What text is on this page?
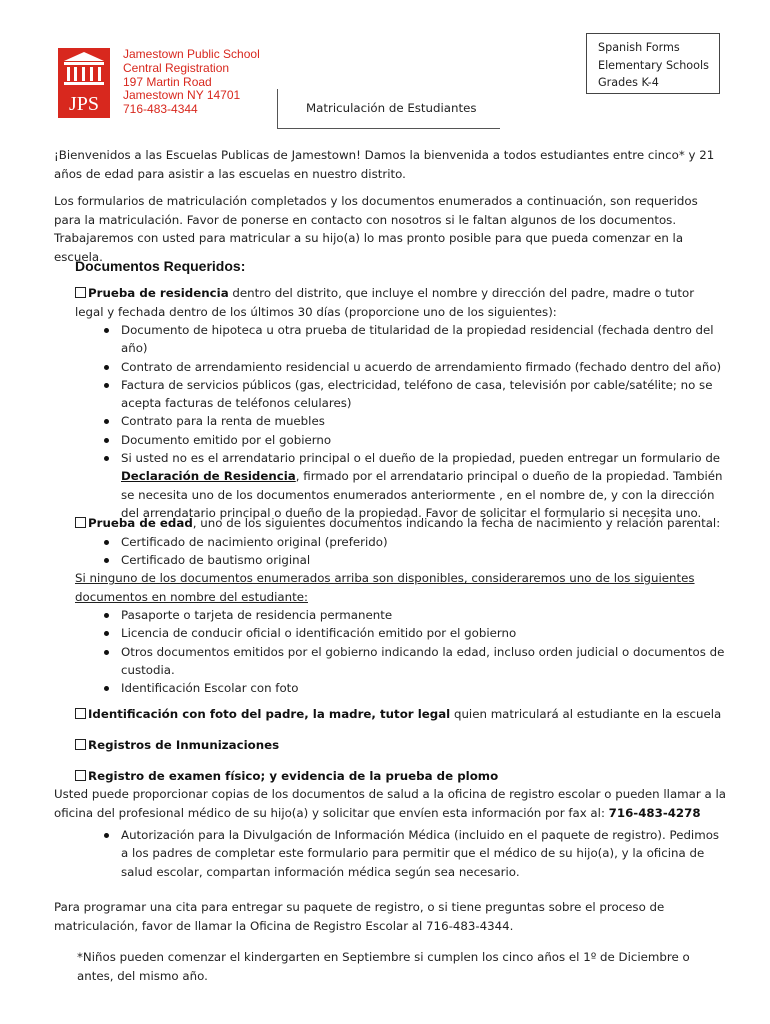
JPS
Jamestown Public School
Central Registration
197 Martin Road
Jamestown NY 14701
716-483-4344
Spanish Forms
Elementary Schools
Grades K-4
Matriculación de Estudiantes
¡Bienvenidos a las Escuelas Publicas de Jamestown! Damos la bienvenida a todos estudiantes entre cinco* y 21 años de edad para asistir a las escuelas en nuestro distrito.
Los formularios de matriculación completados y los documentos enumerados a continuación, son requeridos para la matriculación. Favor de ponerse en contacto con nosotros si le faltan algunos de los documentos. Trabajaremos con usted para matricular a su hijo(a) lo mas pronto posible para que pueda comenzar en la escuela.
Documentos Requeridos:
Prueba de residencia dentro del distrito, que incluye el nombre y dirección del padre, madre o tutor legal y fechada dentro de los últimos 30 días (proporcione uno de los siguientes):
Documento de hipoteca u otra prueba de titularidad de la propiedad residencial (fechada dentro del año)
Contrato de arrendamiento residencial u acuerdo de arrendamiento firmado (fechado dentro del año)
Factura de servicios públicos (gas, electricidad, teléfono de casa, televisión por cable/satélite; no se acepta facturas de teléfonos celulares)
Contrato para la renta de muebles
Documento emitido por el gobierno
Si usted no es el arrendatario principal o el dueño de la propiedad, pueden entregar un formulario de Declaración de Residencia, firmado por el arrendatario principal o dueño de la propiedad. También se necesita uno de los documentos enumerados anteriormente , en el nombre de, y con la dirección del arrendatario principal o dueño de la propiedad. Favor de solicitar el formulario si necesita uno.
Prueba de edad, uno de los siguientes documentos indicando la fecha de nacimiento y relación parental:
Certificado de nacimiento original (preferido)
Certificado de bautismo original
Si ninguno de los documentos enumerados arriba son disponibles, consideraremos uno de los siguientes documentos en nombre del estudiante:
Pasaporte o tarjeta de residencia permanente
Licencia de conducir oficial o identificación emitido por el gobierno
Otros documentos emitidos por el gobierno indicando la edad, incluso orden judicial o documentos de custodia.
Identificación Escolar con foto
Identificación con foto del padre, la madre, tutor legal quien matriculará al estudiante en la escuela
Registros de Inmunizaciones
Registro de examen físico; y evidencia de la prueba de plomo
Usted puede proporcionar copias de los documentos de salud a la oficina de registro escolar o pueden llamar a la oficina del profesional médico de su hijo(a) y solicitar que envíen esta información por fax al: 716-483-4278
Autorización para la Divulgación de Información Médica (incluido en el paquete de registro). Pedimos a los padres de completar este formulario para permitir que el médico de su hijo(a), y la oficina de salud escolar, compartan información médica según sea necesario.
Para programar una cita para entregar su paquete de registro, o si tiene preguntas sobre el proceso de matriculación, favor de llamar la Oficina de Registro Escolar al 716-483-4344.
*Niños pueden comenzar el kindergarten en Septiembre si cumplen los cinco años el 1º de Diciembre o antes, del mismo año.
